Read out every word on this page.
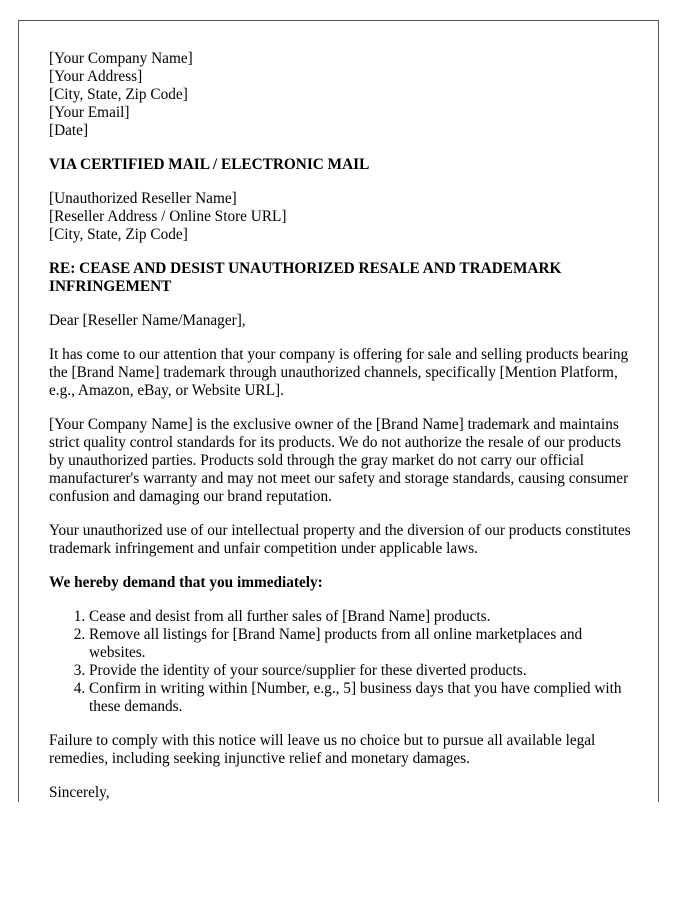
[Your Company Name]
[Your Address]
[City, State, Zip Code]
[Your Email]
[Date]

VIA CERTIFIED MAIL / ELECTRONIC MAIL

[Unauthorized Reseller Name]
[Reseller Address / Online Store URL]
[City, State, Zip Code]

RE: CEASE AND DESIST UNAUTHORIZED RESALE AND TRADEMARK INFRINGEMENT

Dear [Reseller Name/Manager],

It has come to our attention that your company is offering for sale and selling products bearing the [Brand Name] trademark through unauthorized channels, specifically [Mention Platform, e.g., Amazon, eBay, or Website URL].

[Your Company Name] is the exclusive owner of the [Brand Name] trademark and maintains strict quality control standards for its products. We do not authorize the resale of our products by unauthorized parties. Products sold through the gray market do not carry our official manufacturer's warranty and may not meet our safety and storage standards, causing consumer confusion and damaging our brand reputation.

Your unauthorized use of our intellectual property and the diversion of our products constitutes trademark infringement and unfair competition under applicable laws.

We hereby demand that you immediately:

1. Cease and desist from all further sales of [Brand Name] products.
2. Remove all listings for [Brand Name] products from all online marketplaces and websites.
3. Provide the identity of your source/supplier for these diverted products.
4. Confirm in writing within [Number, e.g., 5] business days that you have complied with these demands.

Failure to comply with this notice will leave us no choice but to pursue all available legal remedies, including seeking injunctive relief and monetary damages.

Sincerely,
